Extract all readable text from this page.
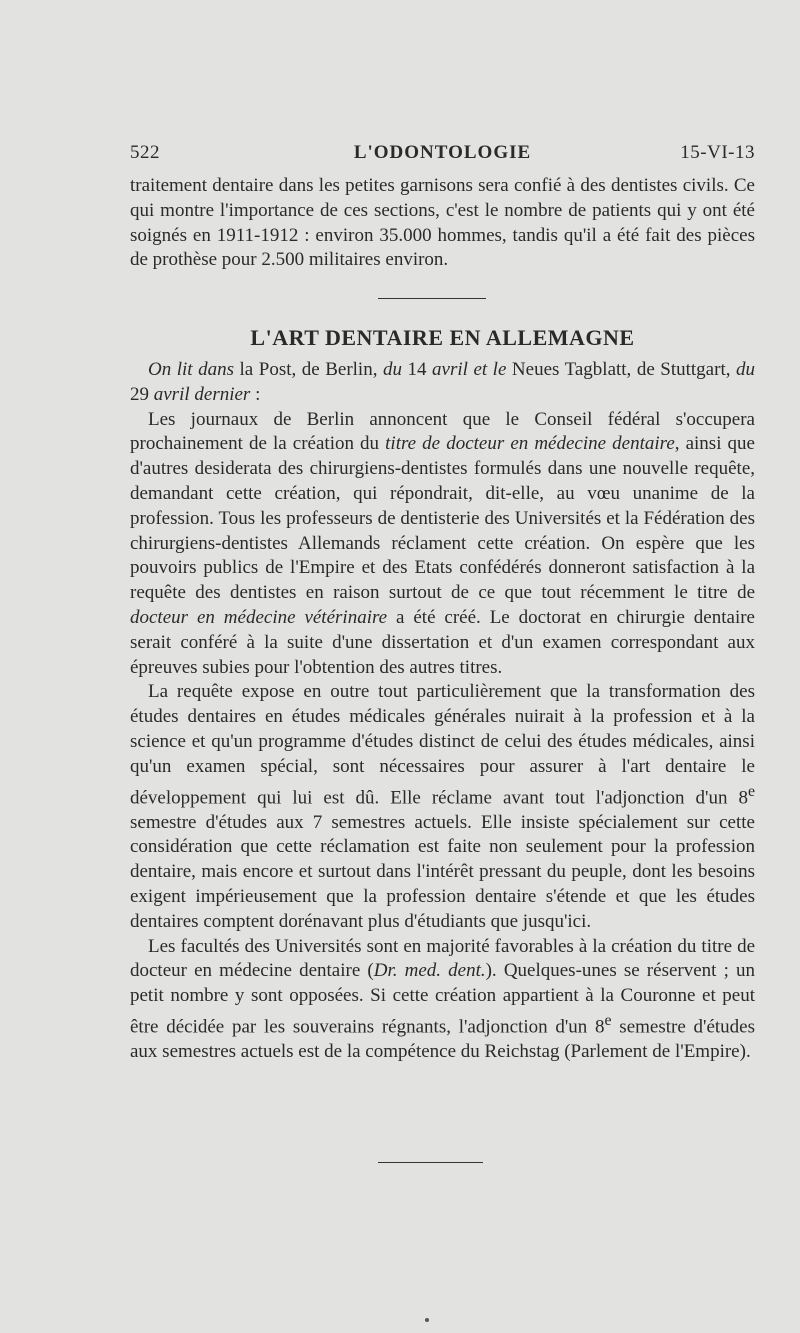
522	L'ODONTOLOGIE	15-VI-13

traitement dentaire dans les petites garnisons sera confié à des dentistes civils. Ce qui montre l'importance de ces sections, c'est le nombre de patients qui y ont été soignés en 1911-1912 : environ 35.000 hommes, tandis qu'il a été fait des pièces de prothèse pour 2.500 militaires environ.

L'ART DENTAIRE EN ALLEMAGNE

On lit dans la Post, de Berlin, du 14 avril et le Neues Tagblatt, de Stuttgart, du 29 avril dernier :

Les journaux de Berlin annoncent que le Conseil fédéral s'occupera prochainement de la création du titre de docteur en médecine dentaire, ainsi que d'autres desiderata des chirurgiens-dentistes formulés dans une nouvelle requête, demandant cette création, qui répondrait, dit-elle, au vœu unanime de la profession. Tous les professeurs de dentisterie des Universités et la Fédération des chirurgiens-dentistes Allemands réclament cette création. On espère que les pouvoirs publics de l'Empire et des Etats confédérés donneront satisfaction à la requête des dentistes en raison surtout de ce que tout récemment le titre de docteur en médecine vétérinaire a été créé. Le doctorat en chirurgie dentaire serait conféré à la suite d'une dissertation et d'un examen correspondant aux épreuves subies pour l'obtention des autres titres.

La requête expose en outre tout particulièrement que la transformation des études dentaires en études médicales générales nuirait à la profession et à la science et qu'un programme d'études distinct de celui des études médicales, ainsi qu'un examen spécial, sont nécessaires pour assurer à l'art dentaire le développement qui lui est dû. Elle réclame avant tout l'adjonction d'un 8e semestre d'études aux 7 semestres actuels. Elle insiste spécialement sur cette considération que cette réclamation est faite non seulement pour la profession dentaire, mais encore et surtout dans l'intérêt pressant du peuple, dont les besoins exigent impérieusement que la profession dentaire s'étende et que les études dentaires comptent dorénavant plus d'étudiants que jusqu'ici.

Les facultés des Universités sont en majorité favorables à la création du titre de docteur en médecine dentaire (Dr. med. dent.). Quelques-unes se réservent ; un petit nombre y sont opposées. Si cette création appartient à la Couronne et peut être décidée par les souverains régnants, l'adjonction d'un 8e semestre d'études aux semestres actuels est de la compétence du Reichstag (Parlement de l'Empire).
